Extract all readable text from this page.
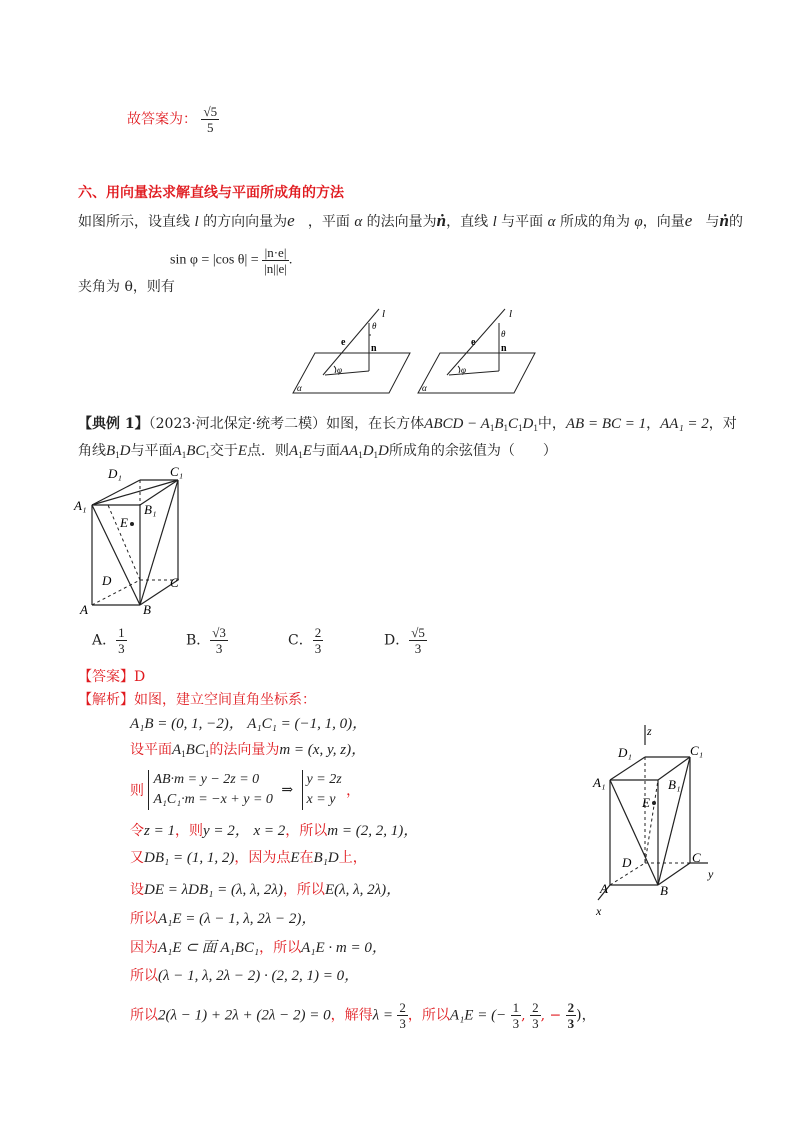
故答案为： $\frac{√5}{5}$
六、用向量法求解直线与平面所成角的方法
如图所示，设直线 l 的方向向量为e⃗，平面 α 的法向量为ṅ，直线 l 与平面 α 所成的角为 φ，向量e⃗与ṅ的
sin φ = |cos $\theta| = \frac{|n\cdot e|}{|n||e|}$ .
夹角为 θ，则有
l
θ
e
n
φ
α
l
θ
e
n
φ
α
【典例 1】（2023·河北保定·统考二模）如图，在长方体ABCD − $A_1B_1C_1D_1$中，AB = BC = 1，AA₁ = 2，对
角线$B_1D$与平面$A_1BC_1$交于E点．则$A_1E$与面$AA_1D_1D$所成角的余弦值为（　　）
D₁	C₁
A₁	B₁
E
D	C
A	B
A． $\frac{1}{3}$	B． $\frac{√3}{3}$	C． $\frac{2}{3}$	D． $\frac{√5}{3}$
【答案】D
【解析】如图，建立空间直角坐标系：
A₁B = (0, 1, −2)， A₁C₁ = (−1, 1, 0)，
设平面$A_1BC_1$的法向量为m = (x, y, z)，
则
AB·m = y − 2z = 0
A₁C₁·m = −x + y = 0
⇒
y = 2z
x = y
，
令z = 1，则y = 2， x = 2，所以m = (2, 2, 1)，
又DB₁ = (1, 1, 2)，因为点E在B₁D上，
设DE = λDB₁ = (λ, λ, 2λ)，所以E(λ, λ, 2λ)，
所以A₁E = (λ − 1, λ, 2λ − 2)，
因为A₁E ⊂ 面 A₁BC₁，所以A₁E · m = 0，
所以(λ − 1, λ, 2λ − 2) · (2, 2, 1) = 0，
所以2(λ − 1) + 2λ + (2λ − 2) = 0，解得$\lambda = \frac{2}{3}$ ，所以A₁E = (− $\frac{1}{3}$ , $\frac{2}{3}$ , − $\frac{2}{3}$ )，
z
D₁	C₁
A₁	B₁
E
D	C
y
A	B
x
